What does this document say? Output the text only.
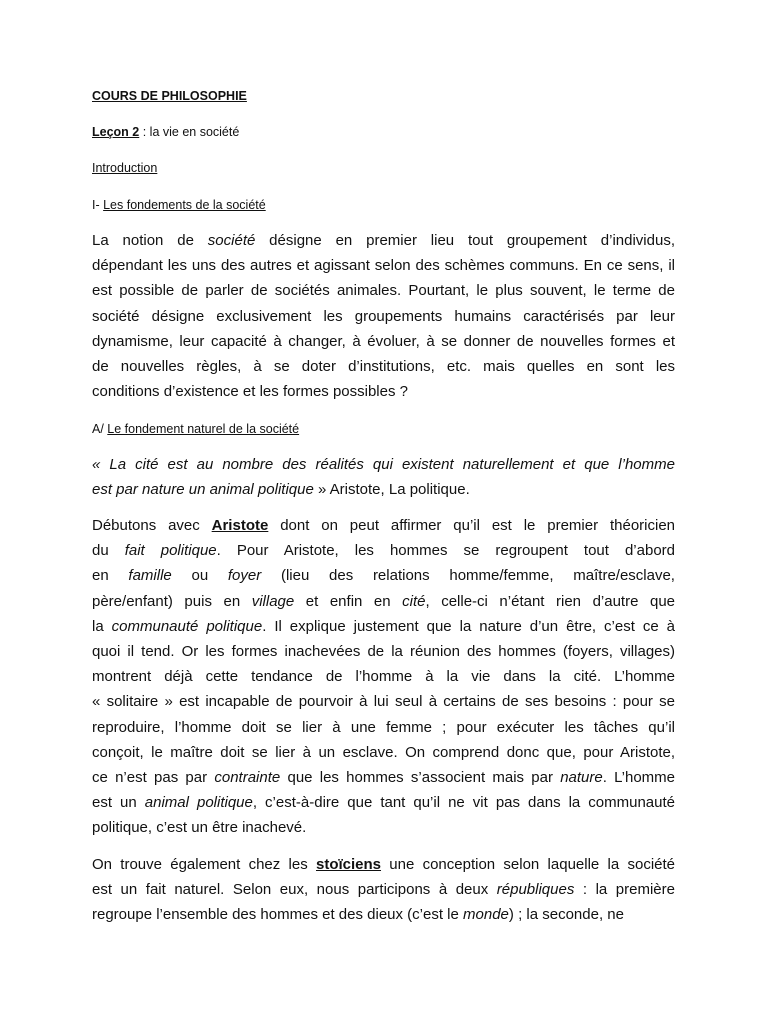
COURS DE PHILOSOPHIE
Leçon 2 : la vie en société
Introduction
I- Les fondements de la société
La notion de société désigne en premier lieu tout groupement d’individus,
dépendant les uns des autres et agissant selon des schèmes communs. En ce sens, il
est possible de parler de sociétés animales. Pourtant, le plus souvent, le terme de
société désigne exclusivement les groupements humains caractérisés par leur
dynamisme, leur capacité à changer, à évoluer, à se donner de nouvelles formes et
de nouvelles règles, à se doter d’institutions, etc. mais quelles en sont les
conditions d’existence et les formes possibles ?
A/ Le fondement naturel de la société
« La cité est au nombre des réalités qui existent naturellement et que l’homme
est par nature un animal politique » Aristote, La politique.
Débutons avec Aristote dont on peut affirmer qu’il est le premier théoricien
du fait politique. Pour Aristote, les hommes se regroupent tout d’abord
en famille ou foyer (lieu des relations homme/femme, maître/esclave,
père/enfant) puis en village et enfin en cité, celle-ci n’étant rien d’autre que
la communauté politique. Il explique justement que la nature d’un être, c’est ce à
quoi il tend. Or les formes inachevées de la réunion des hommes (foyers, villages)
montrent déjà cette tendance de l’homme à la vie dans la cité. L’homme
« solitaire » est incapable de pourvoir à lui seul à certains de ses besoins : pour se
reproduire, l’homme doit se lier à une femme ; pour exécuter les tâches qu’il
conçoit, le maître doit se lier à un esclave. On comprend donc que, pour Aristote,
ce n’est pas par contrainte que les hommes s’associent mais par nature. L’homme
est un animal politique, c’est-à-dire que tant qu’il ne vit pas dans la communauté
politique, c’est un être inachevé.
On trouve également chez les stoïciens une conception selon laquelle la société
est un fait naturel. Selon eux, nous participons à deux républiques : la première
regroupe l’ensemble des hommes et des dieux (c’est le monde) ; la seconde, ne
